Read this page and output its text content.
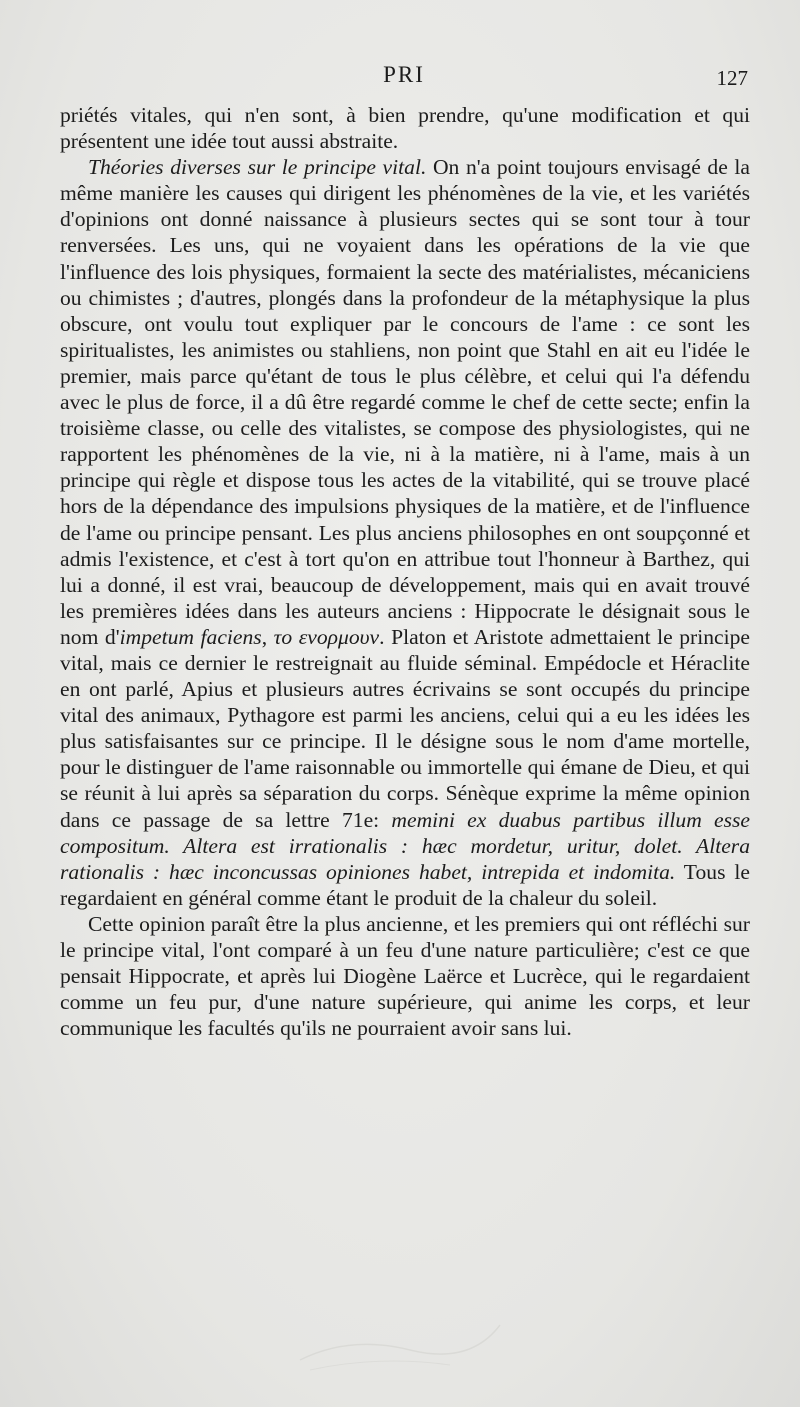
PRI	127

priétés vitales, qui n'en sont, à bien prendre, qu'une modification et qui présentent une idée tout aussi abstraite.

Théories diverses sur le principe vital. On n'a point toujours envisagé de la même manière les causes qui dirigent les phénomènes de la vie, et les variétés d'opinions ont donné naissance à plusieurs sectes qui se sont tour à tour renversées. Les uns, qui ne voyaient dans les opérations de la vie que l'influence des lois physiques, formaient la secte des matérialistes, mécaniciens ou chimistes ; d'autres, plongés dans la profondeur de la métaphysique la plus obscure, ont voulu tout expliquer par le concours de l'ame : ce sont les spiritualistes, les animistes ou stahliens, non point que Stahl en ait eu l'idée le premier, mais parce qu'étant de tous le plus célèbre, et celui qui l'a défendu avec le plus de force, il a dû être regardé comme le chef de cette secte; enfin la troisième classe, ou celle des vitalistes, se compose des physiologistes, qui ne rapportent les phénomènes de la vie, ni à la matière, ni à l'ame, mais à un principe qui règle et dispose tous les actes de la vitabilité, qui se trouve placé hors de la dépendance des impulsions physiques de la matière, et de l'influence de l'ame ou principe pensant. Les plus anciens philosophes en ont soupçonné et admis l'existence, et c'est à tort qu'on en attribue tout l'honneur à Barthez, qui lui a donné, il est vrai, beaucoup de développement, mais qui en avait trouvé les premières idées dans les auteurs anciens : Hippocrate le désignait sous le nom d'impetum faciens, το ενορμουν. Platon et Aristote admettaient le principe vital, mais ce dernier le restreignait au fluide séminal. Empédocle et Héraclite en ont parlé, Apius et plusieurs autres écrivains se sont occupés du principe vital des animaux, Pythagore est parmi les anciens, celui qui a eu les idées les plus satisfaisantes sur ce principe. Il le désigne sous le nom d'ame mortelle, pour le distinguer de l'ame raisonnable ou immortelle qui émane de Dieu, et qui se réunit à lui après sa séparation du corps. Sénèque exprime la même opinion dans ce passage de sa lettre 71e: memini ex duabus partibus illum esse compositum. Altera est irrationalis : hæc mordetur, uritur, dolet. Altera rationalis : hæc inconcussas opiniones habet, intrepida et indomita. Tous le regardaient en général comme étant le produit de la chaleur du soleil.

Cette opinion paraît être la plus ancienne, et les premiers qui ont réfléchi sur le principe vital, l'ont comparé à un feu d'une nature particulière; c'est ce que pensait Hippocrate, et après lui Diogène Laërce et Lucrèce, qui le regardaient comme un feu pur, d'une nature supérieure, qui anime les corps, et leur communique les facultés qu'ils ne pourraient avoir sans lui.
